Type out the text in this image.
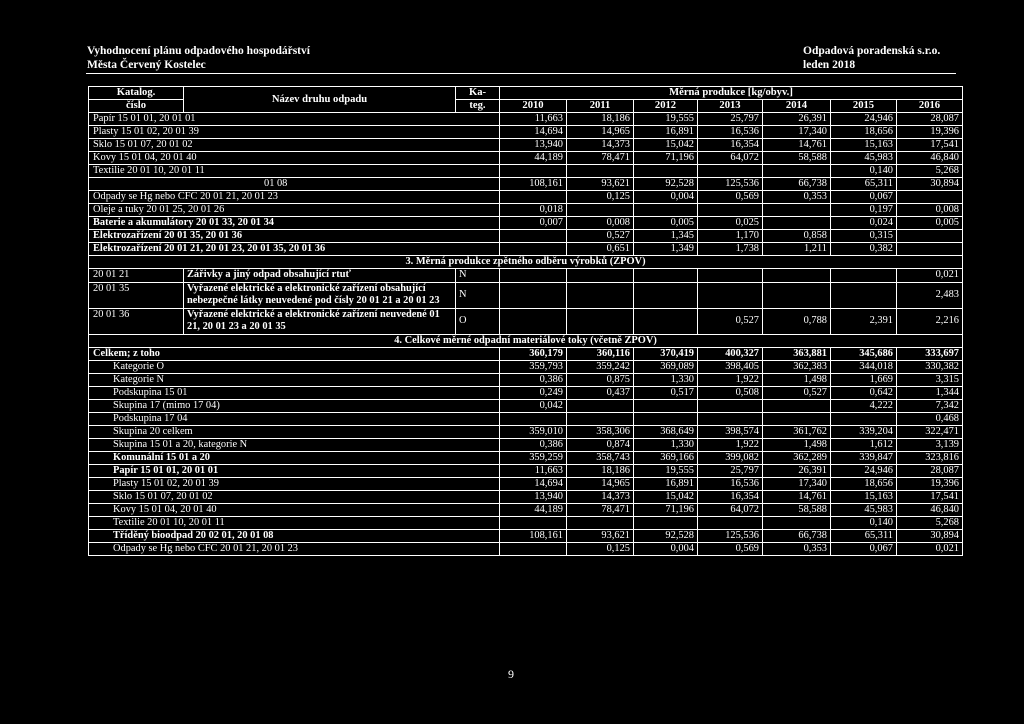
Vyhodnocení plánu odpadového hospodářství
Města Červený Kostelec
Odpadová poradenská s.r.o.
leden 2018
Katalog.	Název druhu odpadu	Ka-	Měrná produkce [kg/obyv.]						
číslo		teg.	2010	2011	2012	2013	2014	2015	2016
Papír 15 01 01, 20 01 01			11,663	18,186	19,555	25,797	26,391	24,946	28,087
Plasty 15 01 02, 20 01 39			14,694	14,965	16,891	16,536	17,340	18,656	19,396
Sklo 15 01 07, 20 01 02			13,940	14,373	15,042	16,354	14,761	15,163	17,541
Kovy 15 01 04, 20 01 40			44,189	78,471	71,196	64,072	58,588	45,983	46,840
Textilie 20 01 10, 20 01 11								0,140	5,268
01 08			108,161	93,621	92,528	125,536	66,738	65,311	30,894
Odpady se Hg nebo CFC 20 01 21, 20 01 23				0,125	0,004	0,569	0,353	0,067	
Oleje a tuky 20 01 25, 20 01 26			0,018					0,197	0,008
Baterie a akumulátory 20 01 33, 20 01 34			0,007	0,008	0,005	0,025		0,024	0,005
Elektrozařízení 20 01 35, 20 01 36				0,527	1,345	1,170	0,858	0,315	
Elektrozařízení 20 01 21, 20 01 23, 20 01 35, 20 01 36				0,651	1,349	1,738	1,211	0,382	
3. Měrná produkce zpětného odběru výrobků (ZPOV)									
20 01 21	Zářivky a jiný odpad obsahující rtuť	N							0,021
20 01 35	Vyřazené elektrické a elektronické zařízení obsahující nebezpečné látky neuvedené pod čísly 20 01 21 a 20 01 23	N							2,483
20 01 36	Vyřazené elektrické a elektronické zařízení neuvedené 01 21, 20 01 23 a 20 01 35	O				0,527	0,788	2,391	2,216
4. Celkové měrné odpadní materiálové toky (včetně ZPOV)									
Celkem; z toho			360,179	360,116	370,419	400,327	363,881	345,686	333,697
Kategorie O			359,793	359,242	369,089	398,405	362,383	344,018	330,382
Kategorie N			0,386	0,875	1,330	1,922	1,498	1,669	3,315
Podskupina 15 01			0,249	0,437	0,517	0,508	0,527	0,642	1,344
Skupina 17 (mimo 17 04)			0,042					4,222	7,342
Podskupina 17 04									0,468
Skupina 20 celkem			359,010	358,306	368,649	398,574	361,762	339,204	322,471
Skupina 15 01 a 20, kategorie N			0,386	0,874	1,330	1,922	1,498	1,612	3,139
Komunální 15 01 a 20			359,259	358,743	369,166	399,082	362,289	339,847	323,816
Papír 15 01 01, 20 01 01			11,663	18,186	19,555	25,797	26,391	24,946	28,087
Plasty 15 01 02, 20 01 39			14,694	14,965	16,891	16,536	17,340	18,656	19,396
Sklo 15 01 07, 20 01 02			13,940	14,373	15,042	16,354	14,761	15,163	17,541
Kovy 15 01 04, 20 01 40			44,189	78,471	71,196	64,072	58,588	45,983	46,840
Textilie 20 01 10, 20 01 11								0,140	5,268
Tříděný bioodpad 20 02 01, 20 01 08			108,161	93,621	92,528	125,536	66,738	65,311	30,894
Odpady se Hg nebo CFC 20 01 21, 20 01 23				0,125	0,004	0,569	0,353	0,067	0,021
9
